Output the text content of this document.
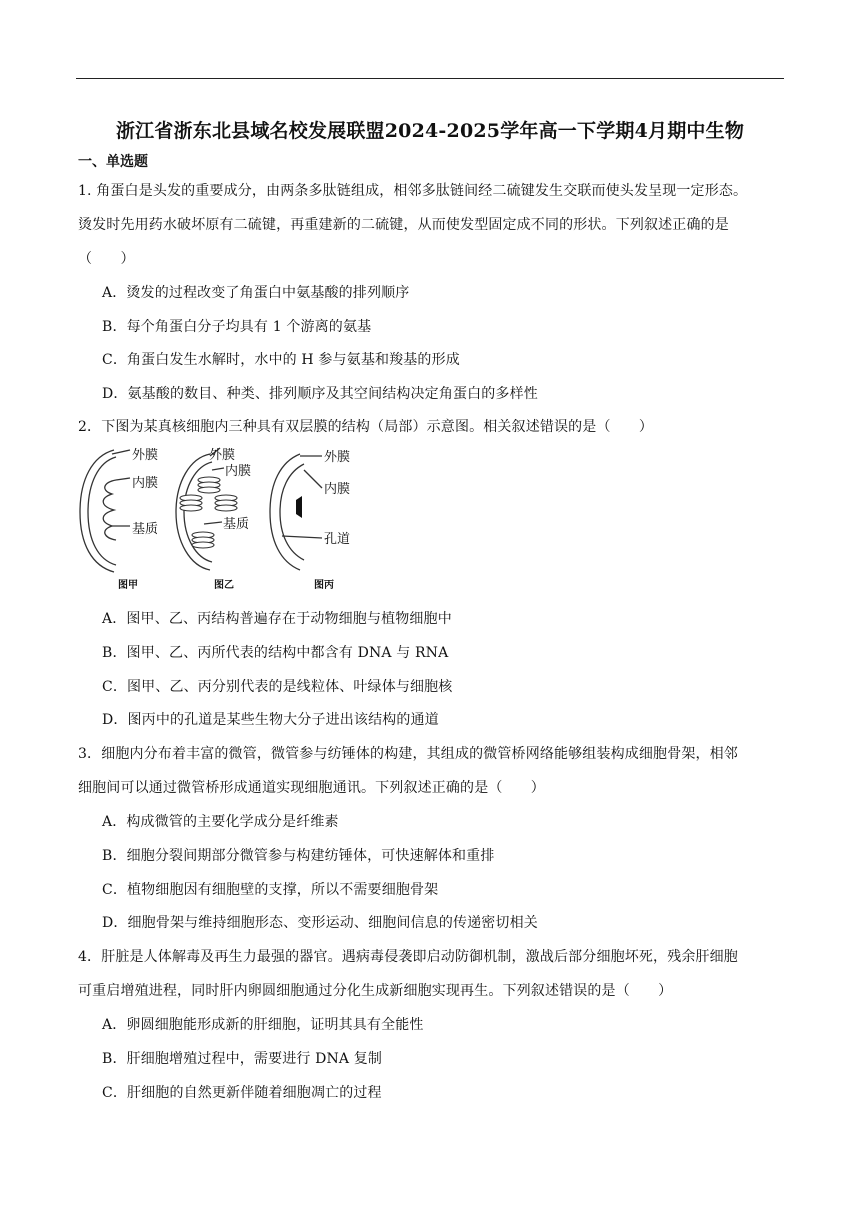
浙江省浙东北县域名校发展联盟2024-2025学年高一下学期4月期中生物
一、单选题
1. 角蛋白是头发的重要成分，由两条多肽链组成，相邻多肽链间经二硫键发生交联而使头发呈现一定形态。
烫发时先用药水破坏原有二硫键，再重建新的二硫键，从而使发型固定成不同的形状。下列叙述正确的是
（　　）
A．烫发的过程改变了角蛋白中氨基酸的排列顺序
B．每个角蛋白分子均具有 1 个游离的氨基
C．角蛋白发生水解时，水中的 H 参与氨基和羧基的形成
D．氨基酸的数目、种类、排列顺序及其空间结构决定角蛋白的多样性
2．下图为某真核细胞内三种具有双层膜的结构（局部）示意图。相关叙述错误的是（　　）
外膜
内膜
基质
图甲
外膜
内膜
基质
图乙
外膜
内膜
孔道
图丙
A．图甲、乙、丙结构普遍存在于动物细胞与植物细胞中
B．图甲、乙、丙所代表的结构中都含有 DNA 与 RNA
C．图甲、乙、丙分别代表的是线粒体、叶绿体与细胞核
D．图丙中的孔道是某些生物大分子进出该结构的通道
3．细胞内分布着丰富的微管，微管参与纺锤体的构建，其组成的微管桥网络能够组装构成细胞骨架，相邻
细胞间可以通过微管桥形成通道实现细胞通讯。下列叙述正确的是（　　）
A．构成微管的主要化学成分是纤维素
B．细胞分裂间期部分微管参与构建纺锤体，可快速解体和重排
C．植物细胞因有细胞壁的支撑，所以不需要细胞骨架
D．细胞骨架与维持细胞形态、变形运动、细胞间信息的传递密切相关
4．肝脏是人体解毒及再生力最强的器官。遇病毒侵袭即启动防御机制，激战后部分细胞坏死，残余肝细胞
可重启增殖进程，同时肝内卵圆细胞通过分化生成新细胞实现再生。下列叙述错误的是（　　）
A．卵圆细胞能形成新的肝细胞，证明其具有全能性
B．肝细胞增殖过程中，需要进行 DNA 复制
C．肝细胞的自然更新伴随着细胞凋亡的过程
